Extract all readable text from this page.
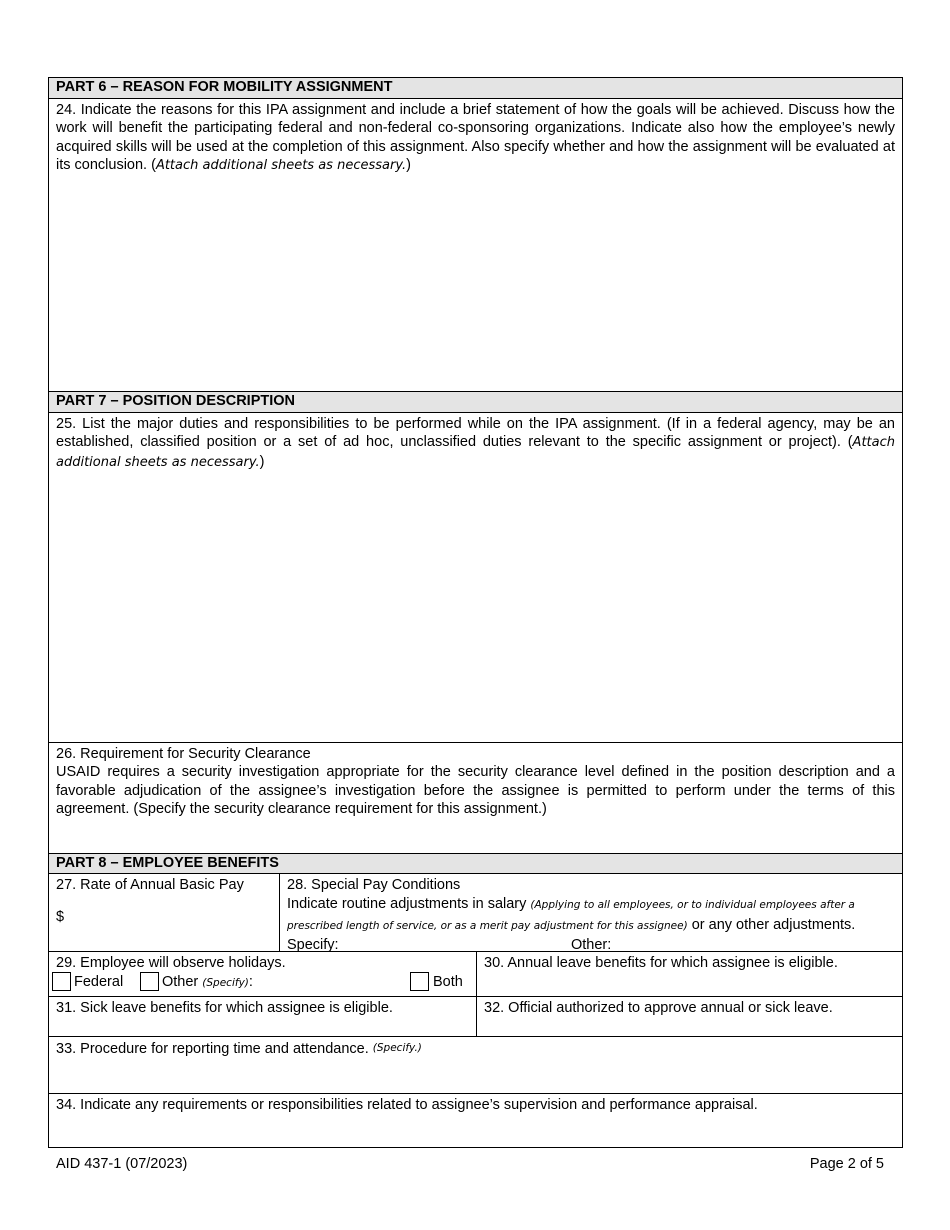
PART 6 – REASON FOR MOBILITY ASSIGNMENT
24. Indicate the reasons for this IPA assignment and include a brief statement of how the goals will be achieved. Discuss how the work will benefit the participating federal and non-federal co-sponsoring organizations. Indicate also how the employee’s newly acquired skills will be used at the completion of this assignment. Also specify whether and how the assignment will be evaluated at its conclusion. (Attach additional sheets as necessary.)
PART 7 – POSITION DESCRIPTION
25. List the major duties and responsibilities to be performed while on the IPA assignment. (If in a federal agency, may be an established, classified position or a set of ad hoc, unclassified duties relevant to the specific assignment or project). (Attach additional sheets as necessary.)
26. Requirement for Security Clearance
USAID requires a security investigation appropriate for the security clearance level defined in the position description and a favorable adjudication of the assignee’s investigation before the assignee is permitted to perform under the terms of this agreement. (Specify the security clearance requirement for this assignment.)
PART 8 – EMPLOYEE BENEFITS
27. Rate of Annual Basic Pay
$
28. Special Pay Conditions
Indicate routine adjustments in salary (Applying to all employees, or to individual employees after a prescribed length of service, or as a merit pay adjustment for this assignee) or any other adjustments.
Specify:	Other:
29. Employee will observe holidays.
Federal	Other (Specify):	Both
30. Annual leave benefits for which assignee is eligible.
31. Sick leave benefits for which assignee is eligible.	32. Official authorized to approve annual or sick leave.
33. Procedure for reporting time and attendance. (Specify.)
34. Indicate any requirements or responsibilities related to assignee’s supervision and performance appraisal.
AID 437-1 (07/2023)	Page 2 of 5
